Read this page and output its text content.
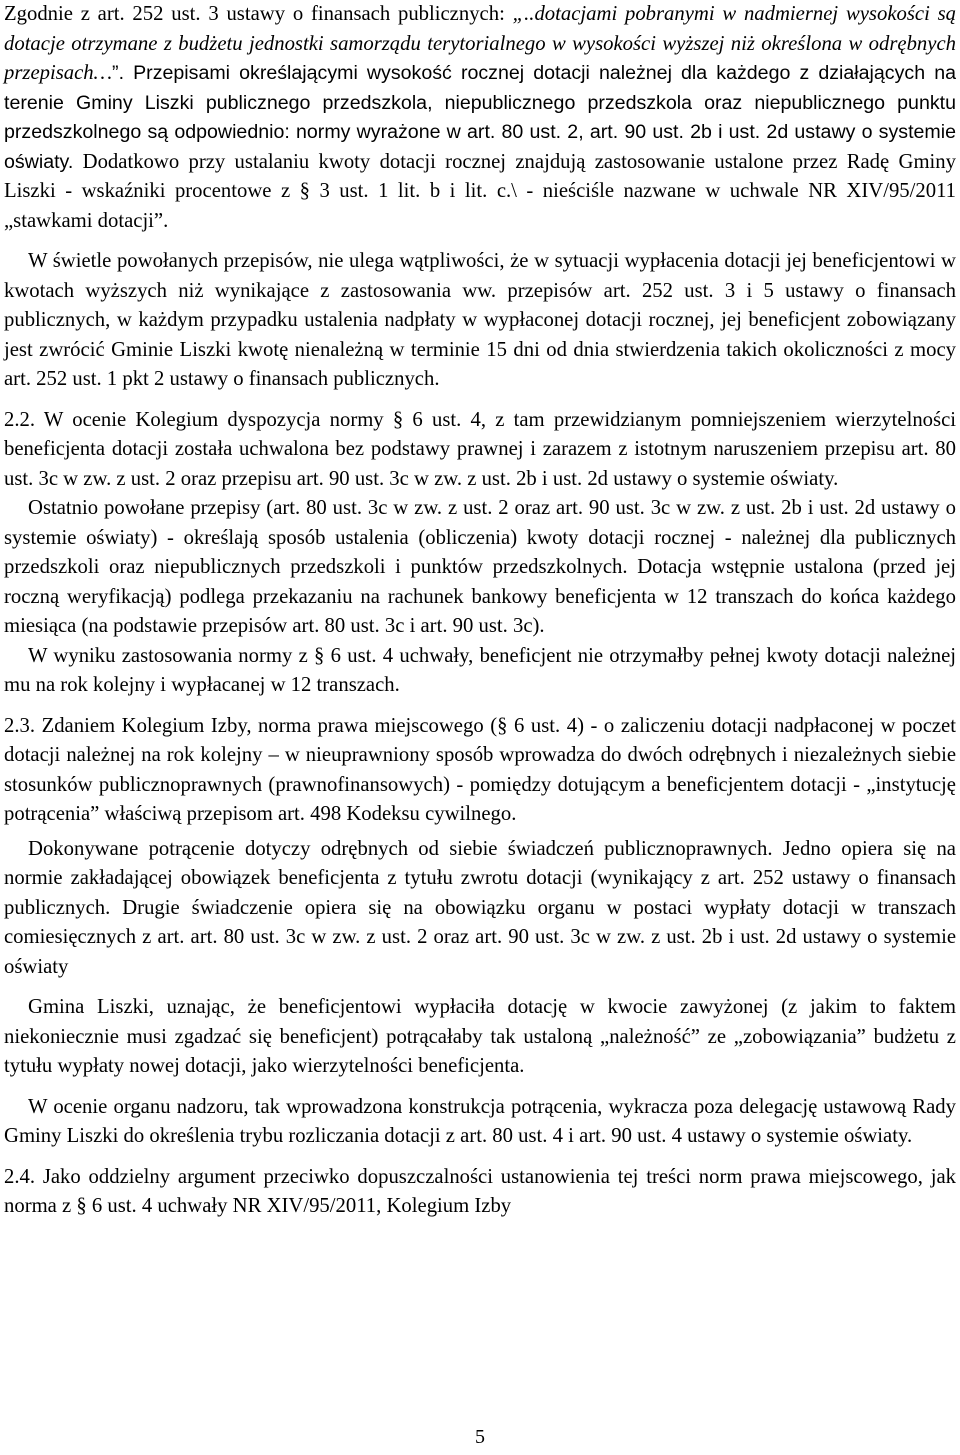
Zgodnie z art. 252 ust. 3 ustawy o finansach publicznych: „..dotacjami pobranymi w nadmiernej wysokości są dotacje otrzymane z budżetu jednostki samorządu terytorialnego w wysokości wyższej niż określona w odrębnych przepisach…”. Przepisami określającymi wysokość rocznej dotacji należnej dla każdego z działających na terenie Gminy Liszki publicznego przedszkola, niepublicznego przedszkola oraz niepublicznego punktu przedszkolnego są odpowiednio: normy wyrażone w art. 80 ust. 2, art. 90 ust. 2b i ust. 2d ustawy o systemie oświaty. Dodatkowo przy ustalaniu kwoty dotacji rocznej znajdują zastosowanie ustalone przez Radę Gminy Liszki - wskaźniki procentowe z § 3 ust. 1 lit. b i lit. c.\ - nieściśle nazwane w uchwale NR XIV/95/2011 „stawkami dotacji”.

W świetle powołanych przepisów, nie ulega wątpliwości, że w sytuacji wypłacenia dotacji jej beneficjentowi w kwotach wyższych niż wynikające z zastosowania ww. przepisów art. 252 ust. 3 i 5 ustawy o finansach publicznych, w każdym przypadku ustalenia nadpłaty w wypłaconej dotacji rocznej, jej beneficjent zobowiązany jest zwrócić Gminie Liszki kwotę nienależną w terminie 15 dni od dnia stwierdzenia takich okoliczności z mocy art. 252 ust. 1 pkt 2 ustawy o finansach publicznych.

2.2. W ocenie Kolegium dyspozycja normy § 6 ust. 4, z tam przewidzianym pomniejszeniem wierzytelności beneficjenta dotacji została uchwalona bez podstawy prawnej i zarazem z istotnym naruszeniem przepisu art. 80 ust. 3c w zw. z ust. 2 oraz przepisu art. 90 ust. 3c w zw. z ust. 2b i ust. 2d ustawy o systemie oświaty.

Ostatnio powołane przepisy (art. 80 ust. 3c w zw. z ust. 2 oraz art. 90 ust. 3c w zw. z ust. 2b i ust. 2d ustawy o systemie oświaty) - określają sposób ustalenia (obliczenia) kwoty dotacji rocznej - należnej dla publicznych przedszkoli oraz niepublicznych przedszkoli i punktów przedszkolnych. Dotacja wstępnie ustalona (przed jej roczną weryfikacją) podlega przekazaniu na rachunek bankowy beneficjenta w 12 transzach do końca każdego miesiąca (na podstawie przepisów art. 80 ust. 3c i art. 90 ust. 3c).

W wyniku zastosowania normy z § 6 ust. 4 uchwały, beneficjent nie otrzymałby pełnej kwoty dotacji należnej mu na rok kolejny i wypłacanej w 12 transzach.

2.3. Zdaniem Kolegium Izby, norma prawa miejscowego (§ 6 ust. 4) - o zaliczeniu dotacji nadpłaconej w poczet dotacji należnej na rok kolejny – w nieuprawniony sposób wprowadza do dwóch odrębnych i niezależnych siebie stosunków publicznoprawnych (prawnofinansowych) - pomiędzy dotującym a beneficjentem dotacji - „instytucję potrącenia” właściwą przepisom art. 498 Kodeksu cywilnego.

Dokonywane potrącenie dotyczy odrębnych od siebie świadczeń publicznoprawnych. Jedno opiera się na normie zakładającej obowiązek beneficjenta z tytułu zwrotu dotacji (wynikający z art. 252 ustawy o finansach publicznych. Drugie świadczenie opiera się na obowiązku organu w postaci wypłaty dotacji w transzach comiesięcznych z art. art. 80 ust. 3c w zw. z ust. 2 oraz art. 90 ust. 3c w zw. z ust. 2b i ust. 2d ustawy o systemie oświaty

Gmina Liszki, uznając, że beneficjentowi wypłaciła dotację w kwocie zawyżonej (z jakim to faktem niekoniecznie musi zgadzać się beneficjent) potrącałaby tak ustaloną „należność” ze „zobowiązania” budżetu z tytułu wypłaty nowej dotacji, jako wierzytelności beneficjenta.

W ocenie organu nadzoru, tak wprowadzona konstrukcja potrącenia, wykracza poza delegację ustawową Rady Gminy Liszki do określenia trybu rozliczania dotacji z art. 80 ust. 4 i art. 90 ust. 4 ustawy o systemie oświaty.

2.4. Jako oddzielny argument przeciwko dopuszczalności ustanowienia tej treści norm prawa miejscowego, jak norma z § 6 ust. 4 uchwały NR XIV/95/2011, Kolegium Izby

5
